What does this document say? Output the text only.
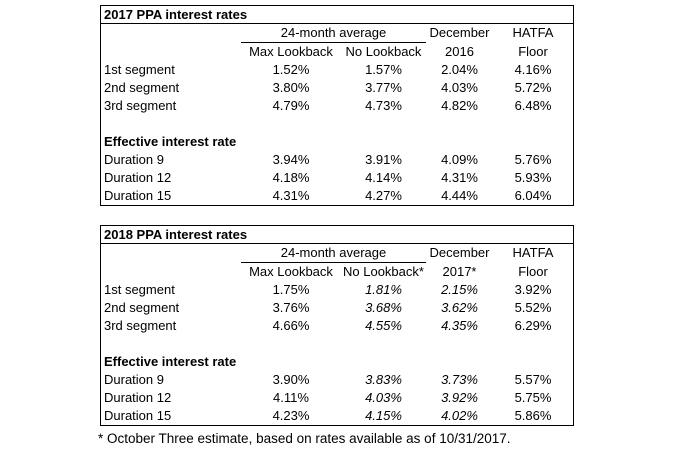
2017 PPA interest rates
24-month average	December	HATFA
Max Lookback No Lookback	2016	Floor
1st segment	1.52%	1.57%	2.04%	4.16%
2nd segment	3.80%	3.77%	4.03%	5.72%
3rd segment	4.79%	4.73%	4.82%	6.48%
Effective interest rate
Duration 9	3.94%	3.91%	4.09%	5.76%
Duration 12	4.18%	4.14%	4.31%	5.93%
Duration 15	4.31%	4.27%	4.44%	6.04%
2018 PPA interest rates
24-month average	December	HATFA
Max Lookback No Lookback*	2017*	Floor
1st segment	1.75%	1.81%	2.15%	3.92%
2nd segment	3.76%	3.68%	3.62%	5.52%
3rd segment	4.66%	4.55%	4.35%	6.29%
Effective interest rate
Duration 9	3.90%	3.83%	3.73%	5.57%
Duration 12	4.11%	4.03%	3.92%	5.75%
Duration 15	4.23%	4.15%	4.02%	5.86%
* October Three estimate, based on rates available as of 10/31/2017.
